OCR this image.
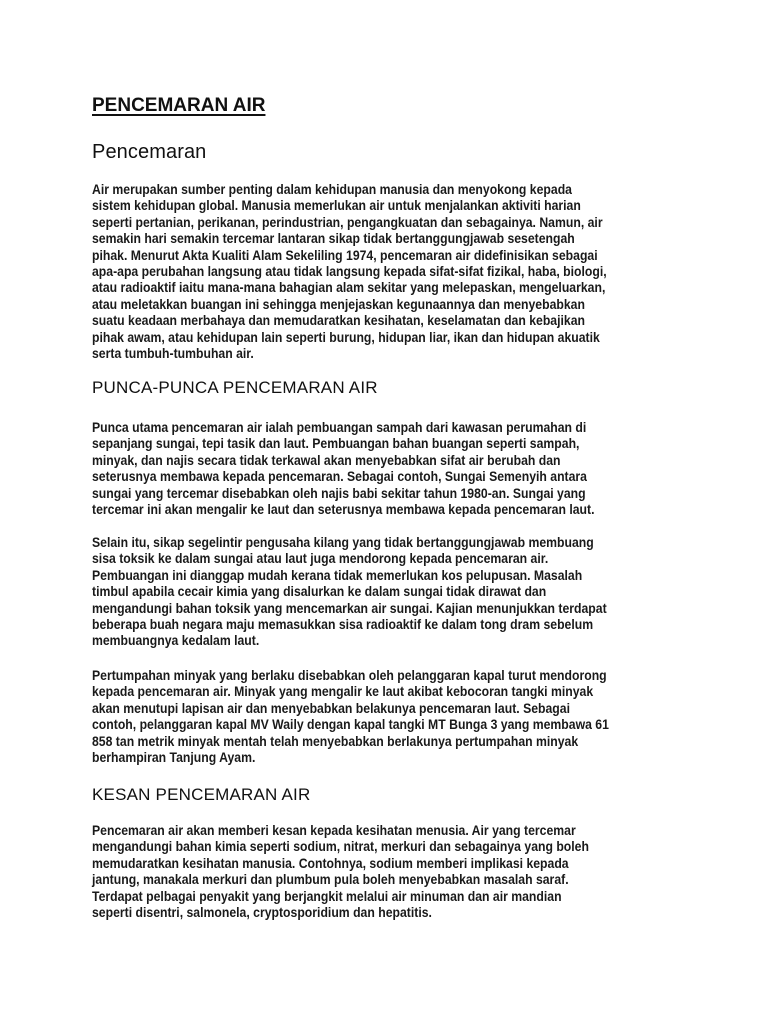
PENCEMARAN AIR
Pencemaran

Air merupakan sumber penting dalam kehidupan manusia dan menyokong kepada
sistem kehidupan global. Manusia memerlukan air untuk menjalankan aktiviti harian
seperti pertanian, perikanan, perindustrian, pengangkuatan dan sebagainya. Namun, air
semakin hari semakin tercemar lantaran sikap tidak bertanggungjawab sesetengah
pihak. Menurut Akta Kualiti Alam Sekeliling 1974, pencemaran air didefinisikan sebagai
apa-apa perubahan langsung atau tidak langsung kepada sifat-sifat fizikal, haba, biologi,
atau radioaktif iaitu mana-mana bahagian alam sekitar yang melepaskan, mengeluarkan,
atau meletakkan buangan ini sehingga menjejaskan kegunaannya dan menyebabkan
suatu keadaan merbahaya dan memudaratkan kesihatan, keselamatan dan kebajikan
pihak awam, atau kehidupan lain seperti burung, hidupan liar, ikan dan hidupan akuatik
serta tumbuh-tumbuhan air.

PUNCA-PUNCA PENCEMARAN AIR

Punca utama pencemaran air ialah pembuangan sampah dari kawasan perumahan di
sepanjang sungai, tepi tasik dan laut. Pembuangan bahan buangan seperti sampah,
minyak, dan najis secara tidak terkawal akan menyebabkan sifat air berubah dan
seterusnya membawa kepada pencemaran. Sebagai contoh, Sungai Semenyih antara
sungai yang tercemar disebabkan oleh najis babi sekitar tahun 1980-an. Sungai yang
tercemar ini akan mengalir ke laut dan seterusnya membawa kepada pencemaran laut.

Selain itu, sikap segelintir pengusaha kilang yang tidak bertanggungjawab membuang
sisa toksik ke dalam sungai atau laut juga mendorong kepada pencemaran air.
Pembuangan ini dianggap mudah kerana tidak memerlukan kos pelupusan. Masalah
timbul apabila cecair kimia yang disalurkan ke dalam sungai tidak dirawat dan
mengandungi bahan toksik yang mencemarkan air sungai. Kajian menunjukkan terdapat
beberapa buah negara maju memasukkan sisa radioaktif ke dalam tong dram sebelum
membuangnya kedalam laut.

Pertumpahan minyak yang berlaku disebabkan oleh pelanggaran kapal turut mendorong
kepada pencemaran air. Minyak yang mengalir ke laut akibat kebocoran tangki minyak
akan menutupi lapisan air dan menyebabkan belakunya pencemaran laut. Sebagai
contoh, pelanggaran kapal MV Waily dengan kapal tangki MT Bunga 3 yang membawa 61
858 tan metrik minyak mentah telah menyebabkan berlakunya pertumpahan minyak
berhampiran Tanjung Ayam.

KESAN PENCEMARAN AIR

Pencemaran air akan memberi kesan kepada kesihatan menusia. Air yang tercemar
mengandungi bahan kimia seperti sodium, nitrat, merkuri dan sebagainya yang boleh
memudaratkan kesihatan manusia. Contohnya, sodium memberi implikasi kepada
jantung, manakala merkuri dan plumbum pula boleh menyebabkan masalah saraf.
Terdapat pelbagai penyakit yang berjangkit melalui air minuman dan air mandian
seperti disentri, salmonela, cryptosporidium dan hepatitis.
